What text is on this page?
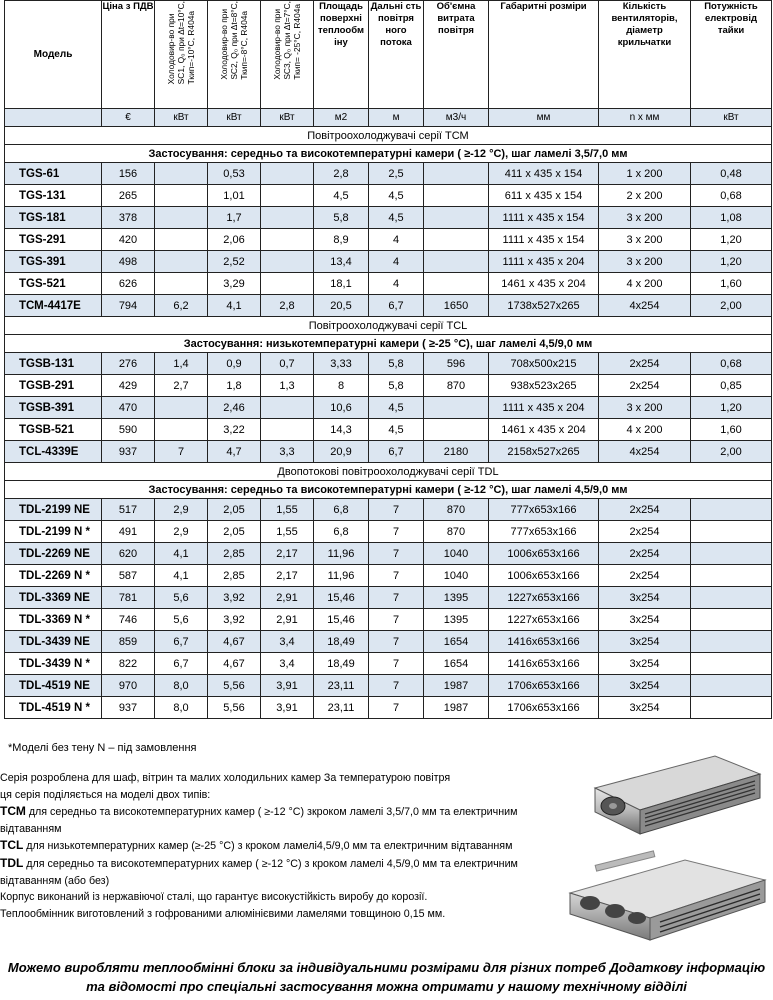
Модель	Ціна з ПДВ	Холодовир-во при
SC1, Q₀ при Δt=10°C,
Ткип=-10°C, R404a	Холодовир-во при
SC2, Q₀ при Δt=8°C,
Ткип=-8°C, R404a	Холодовир-во при
SC3, Q₀ при Δt=7°C,
Ткип= -25°C, R404a	Площадь поверхні теплообм іну	Дальні сть повітря ного потока	Об'ємна витрата повітря	Габаритні розміри	Кількість вентиляторів, діаметр крильчатки	Потужність електровід тайки
	€	кВт	кВт	кВт	м2	м	м3/ч	мм	n x мм	кВт
Повітроохолоджувачі серії ТСМ										
Застосування: середньо та високотемпературні камери ( ≥-12 °C), шаг ламелі 3,5/7,0 мм										
TGS-61	156		0,53		2,8	2,5		411 x 435 x 154	1 x 200	0,48
TGS-131	265		1,01		4,5	4,5		611 x 435 x 154	2 x 200	0,68
TGS-181	378		1,7		5,8	4,5		1111 x 435 x 154	3 x 200	1,08
TGS-291	420		2,06		8,9	4		1111 x 435 x 154	3 x 200	1,20
TGS-391	498		2,52		13,4	4		1111 x 435 x 204	3 x 200	1,20
TGS-521	626		3,29		18,1	4		1461 x 435 x 204	4 x 200	1,60
ТСМ-4417Е	794	6,2	4,1	2,8	20,5	6,7	1650	1738x527x265	4x254	2,00
Повітроохолоджувачі серії TCL										
Застосування: низькотемпературні камери ( ≥-25 °C), шаг ламелі 4,5/9,0 мм										
TGSB-131	276	1,4	0,9	0,7	3,33	5,8	596	708x500x215	2x254	0,68
TGSB-291	429	2,7	1,8	1,3	8	5,8	870	938x523x265	2x254	0,85
TGSB-391	470		2,46		10,6	4,5		1111 x 435 x 204	3 x 200	1,20
TGSB-521	590		3,22		14,3	4,5		1461 x 435 x 204	4 x 200	1,60
TCL-4339E	937	7	4,7	3,3	20,9	6,7	2180	2158x527x265	4x254	2,00
Двопотокові повітроохолоджувачі серії TDL										
Застосування: середньо та високотемпературні камери ( ≥-12 °C), шаг ламелі 4,5/9,0 мм										
TDL-2199 NE	517	2,9	2,05	1,55	6,8	7	870	777x653x166	2x254	
TDL-2199 N *	491	2,9	2,05	1,55	6,8	7	870	777x653x166	2x254	
TDL-2269 NE	620	4,1	2,85	2,17	11,96	7	1040	1006x653x166	2x254	
TDL-2269 N *	587	4,1	2,85	2,17	11,96	7	1040	1006x653x166	2x254	
TDL-3369 NE	781	5,6	3,92	2,91	15,46	7	1395	1227x653x166	3x254	
TDL-3369 N *	746	5,6	3,92	2,91	15,46	7	1395	1227x653x166	3x254	
TDL-3439 NE	859	6,7	4,67	3,4	18,49	7	1654	1416x653x166	3x254	
TDL-3439 N *	822	6,7	4,67	3,4	18,49	7	1654	1416x653x166	3x254	
TDL-4519 NE	970	8,0	5,56	3,91	23,11	7	1987	1706x653x166	3x254	
TDL-4519 N *	937	8,0	5,56	3,91	23,11	7	1987	1706x653x166	3x254	
*Моделі без тену N – під замовлення

Серія розроблена для шаф, вітрин та малих холодильних камер За температурою повітря

ця серія поділяється на моделі двох типів:

ТСМ для середньо та високотемпературних камер ( ≥-12 °C) зкроком ламелі 3,5/7,0 мм та електричним відтаванням

TCL для низькотемпературних камер (≥-25 °C) з кроком ламелі4,5/9,0 мм та електричним відтаванням

TDL для середньо та високотемпературних камер ( ≥-12 °C) з кроком ламелі 4,5/9,0 мм та електричним відтаванням (або без)

Корпус виконаний із нержавіючої сталі, що гарантує високустійкість виробу до корозії.

Теплообмінник виготовлений з гофрованими алюмінієвими ламелями товщиною 0,15 мм.

Можемо виробляти теплообмінні блоки за індивідуальними розмірами для різних потреб Додаткову інформацію та відомості про спеціальні застосування можна отримати у нашому технічному відділі
